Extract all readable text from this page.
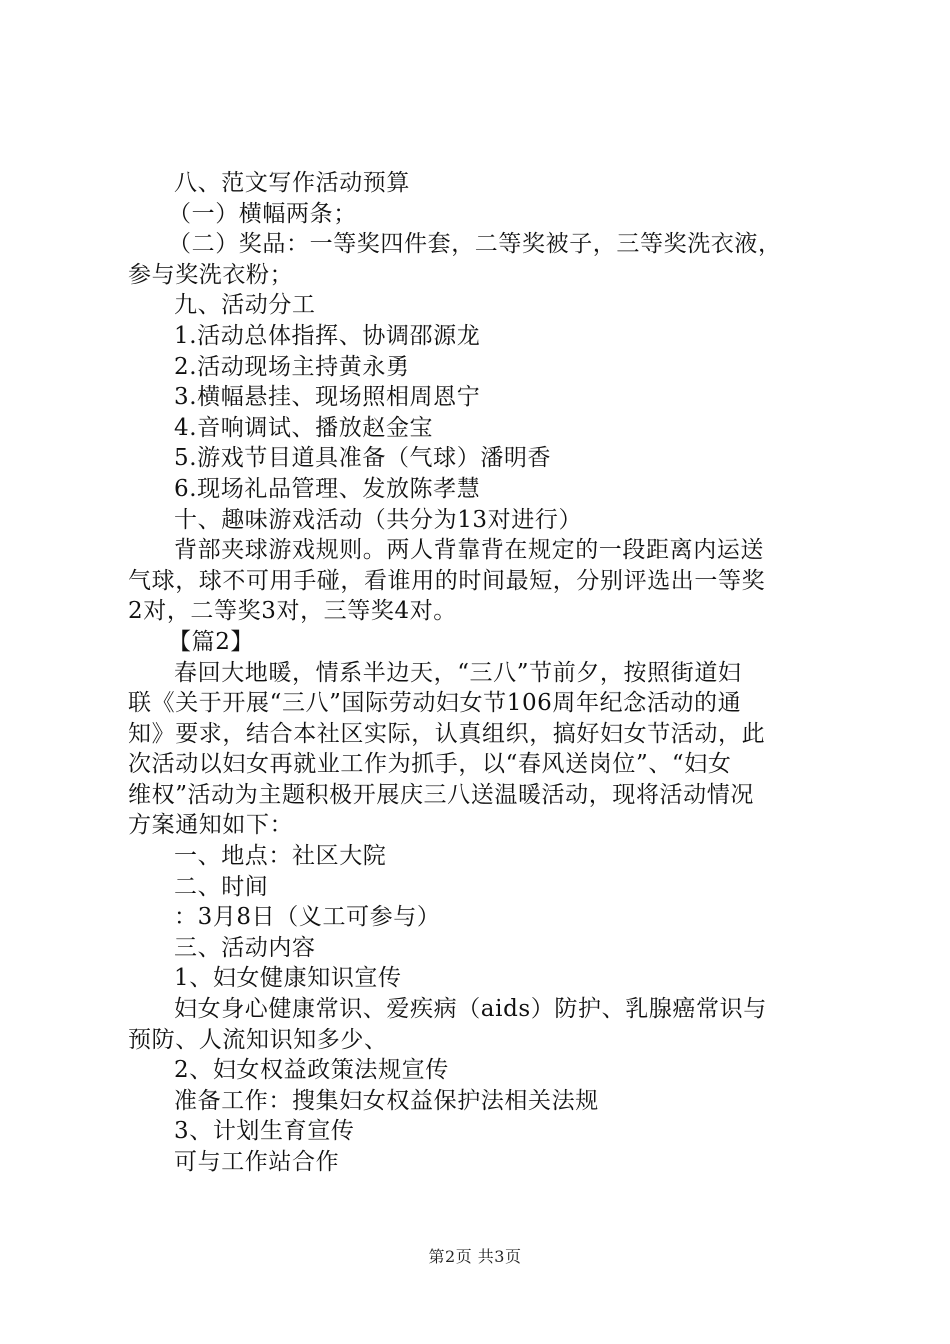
八、范文写作活动预算
（一）横幅两条；
（二）奖品：一等奖四件套，二等奖被子，三等奖洗衣液，
参与奖洗衣粉；
九、活动分工
1.活动总体指挥、协调邵源龙
2.活动现场主持黄永勇
3.横幅悬挂、现场照相周恩宁
4.音响调试、播放赵金宝
5.游戏节目道具准备（气球）潘明香
6.现场礼品管理、发放陈孝慧
十、趣味游戏活动（共分为13对进行）
背部夹球游戏规则。两人背靠背在规定的一段距离内运送
气球，球不可用手碰，看谁用的时间最短，分别评选出一等奖
2对，二等奖3对，三等奖4对。
【篇2】
春回大地暖，情系半边天，“三八”节前夕，按照街道妇
联《关于开展“三八”国际劳动妇女节106周年纪念活动的通
知》要求，结合本社区实际，认真组织，搞好妇女节活动，此
次活动以妇女再就业工作为抓手，以“春风送岗位”、“妇女
维权”活动为主题积极开展庆三八送温暖活动，现将活动情况
方案通知如下：
一、地点：社区大院
二、时间
：3月8日（义工可参与）
三、活动内容
1、妇女健康知识宣传
妇女身心健康常识、爱疾病（aids）防护、乳腺癌常识与
预防、人流知识知多少、
2、妇女权益政策法规宣传
准备工作：搜集妇女权益保护法相关法规
3、计划生育宣传
可与工作站合作
第2页 共3页
